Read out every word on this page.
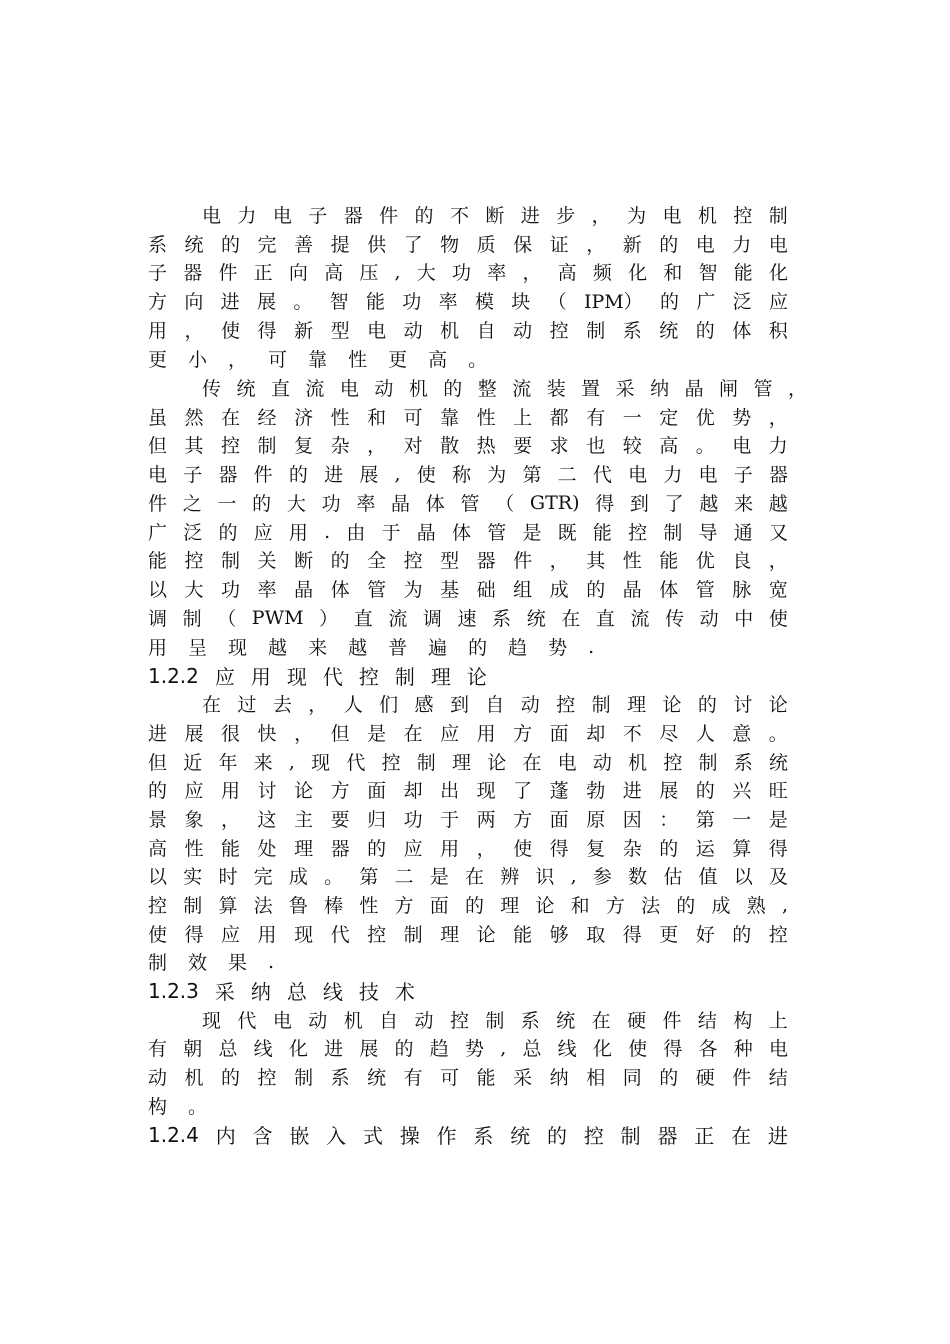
电 力 电 子 器 件 的 不 断 进 步 ， 为 电 机 控 制
系 统 的 完 善 提 供 了 物 质 保 证 ， 新 的 电 力 电
子 器 件 正 向 高 压 , 大 功 率 ， 高 频 化 和 智 能 化
方 向 进 展 。 智 能 功 率 模 块 （ IPM） 的 广 泛 应
用 ， 使 得 新 型 电 动 机 自 动 控 制 系 统 的 体 积
更 小 ， 可 靠 性 更 高 。
传 统 直 流 电 动 机 的 整 流 装 置 采 纳 晶 闸 管 ，
虽 然 在 经 济 性 和 可 靠 性 上 都 有 一 定 优 势 ，
但 其 控 制 复 杂 ， 对 散 热 要 求 也 较 高 。 电 力
电 子 器 件 的 进 展 , 使 称 为 第 二 代 电 力 电 子 器
件 之 一 的 大 功 率 晶 体 管 （ GTR) 得 到 了 越 来 越
广 泛 的 应 用 . 由 于 晶 体 管 是 既 能 控 制 导 通 又
能 控 制 关 断 的 全 控 型 器 件 ， 其 性 能 优 良 ，
以 大 功 率 晶 体 管 为 基 础 组 成 的 晶 体 管 脉 宽
调 制 （ PWM ） 直 流 调 速 系 统 在 直 流 传 动 中 使
用 呈 现 越 来 越 普 遍 的 趋 势 .
1.2.2 应 用 现 代 控 制 理 论
在 过 去 ， 人 们 感 到 自 动 控 制 理 论 的 讨 论
进 展 很 快 ， 但 是 在 应 用 方 面 却 不 尽 人 意 。
但 近 年 来 , 现 代 控 制 理 论 在 电 动 机 控 制 系 统
的 应 用 讨 论 方 面 却 出 现 了 蓬 勃 进 展 的 兴 旺
景 象 ， 这 主 要 归 功 于 两 方 面 原 因 ： 第 一 是
高 性 能 处 理 器 的 应 用 ， 使 得 复 杂 的 运 算 得
以 实 时 完 成 。 第 二 是 在 辨 识 , 参 数 估 值 以 及
控 制 算 法 鲁 棒 性 方 面 的 理 论 和 方 法 的 成 熟 ,
使 得 应 用 现 代 控 制 理 论 能 够 取 得 更 好 的 控
制 效 果 .
1.2.3 采 纳 总 线 技 术
现 代 电 动 机 自 动 控 制 系 统 在 硬 件 结 构 上
有 朝 总 线 化 进 展 的 趋 势 , 总 线 化 使 得 各 种 电
动 机 的 控 制 系 统 有 可 能 采 纳 相 同 的 硬 件 结
构 。
1.2.4 内 含 嵌 入 式 操 作 系 统 的 控 制 器 正 在 进
